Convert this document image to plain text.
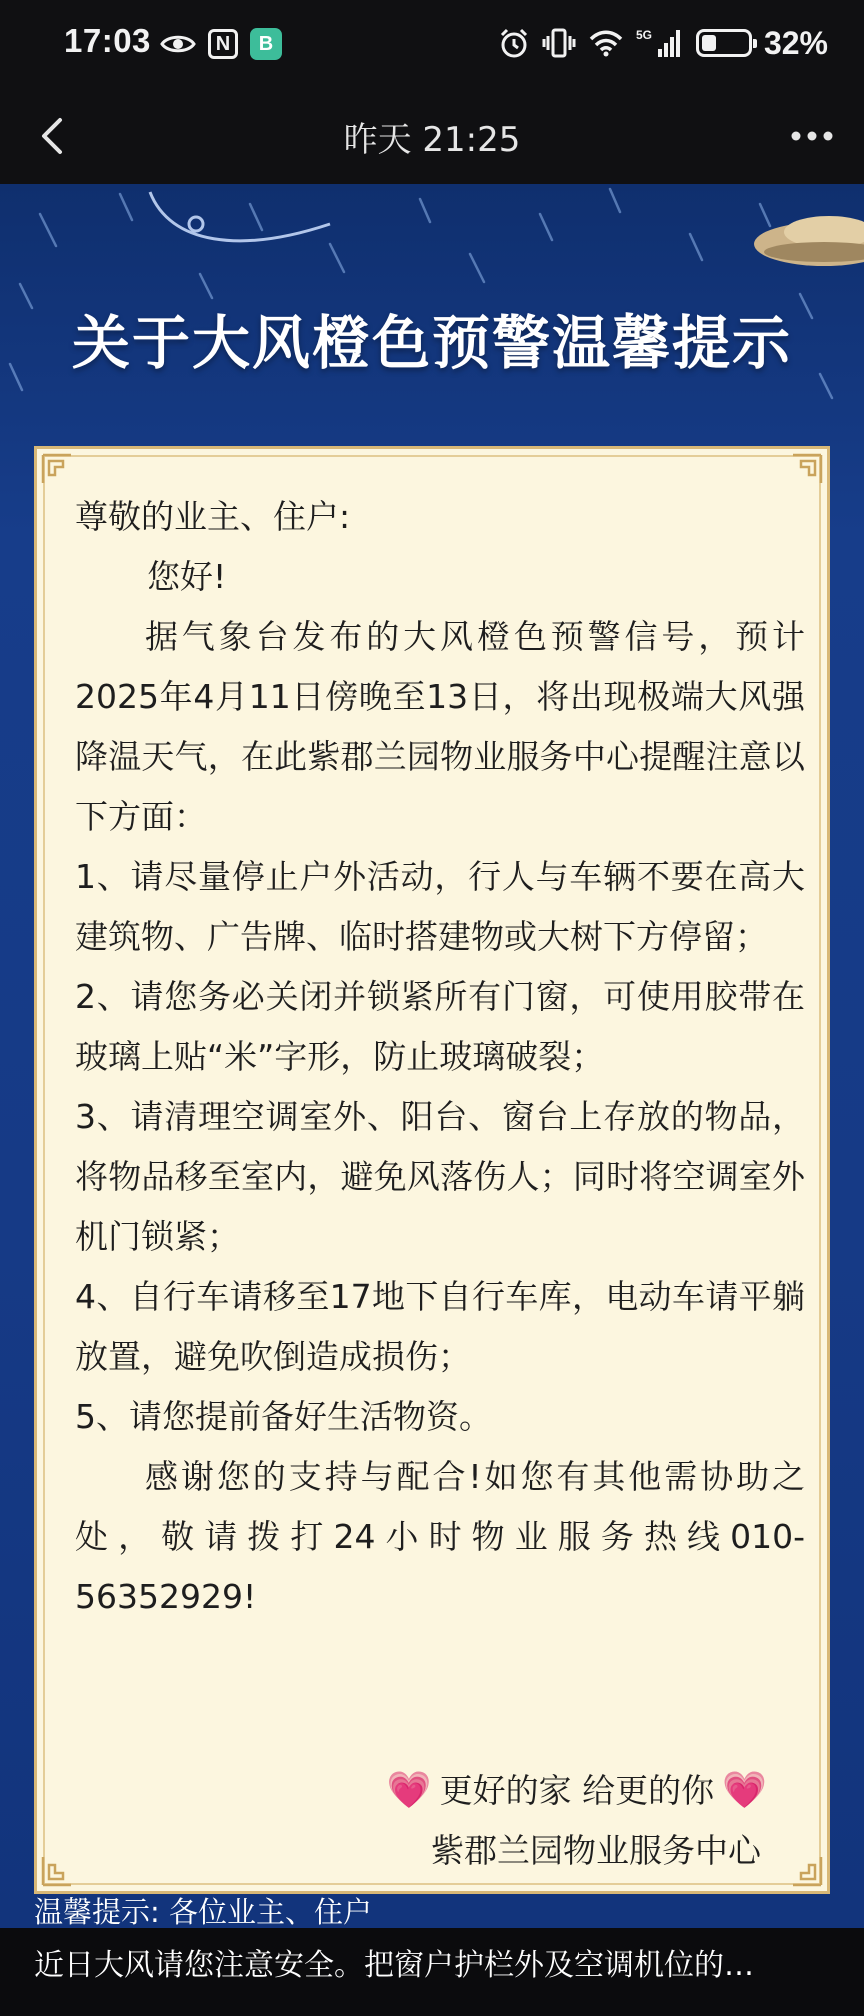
17:03	N	B	5G	32%
昨天 21:25
关于大风橙色预警温馨提示

尊敬的业主、住户:

您好!

据气象台发布的大风橙色预警信号，预计2025年4月11日傍晚至13日，将出现极端大风强降温天气，在此紫郡兰园物业服务中心提醒注意以下方面：

1、请尽量停止户外活动，行人与车辆不要在高大建筑物、广告牌、临时搭建物或大树下方停留；

2、请您务必关闭并锁紧所有门窗，可使用胶带在玻璃上贴“米”字形，防止玻璃破裂；

3、请清理空调室外、阳台、窗台上存放的物品，将物品移至室内，避免风落伤人；同时将空调室外机门锁紧；

4、自行车请移至17地下自行车库，电动车请平躺放置，避免吹倒造成损伤；

5、请您提前备好生活物资。

感谢您的支持与配合!如您有其他需协助之处，敬请拨打24小时物业服务热线010-56352929!

💗 更好的家 给更的你 💗
紫郡兰园物业服务中心
温馨提示: 各位业主、住户
近日大风请您注意安全。把窗户护栏外及空调机位的…
